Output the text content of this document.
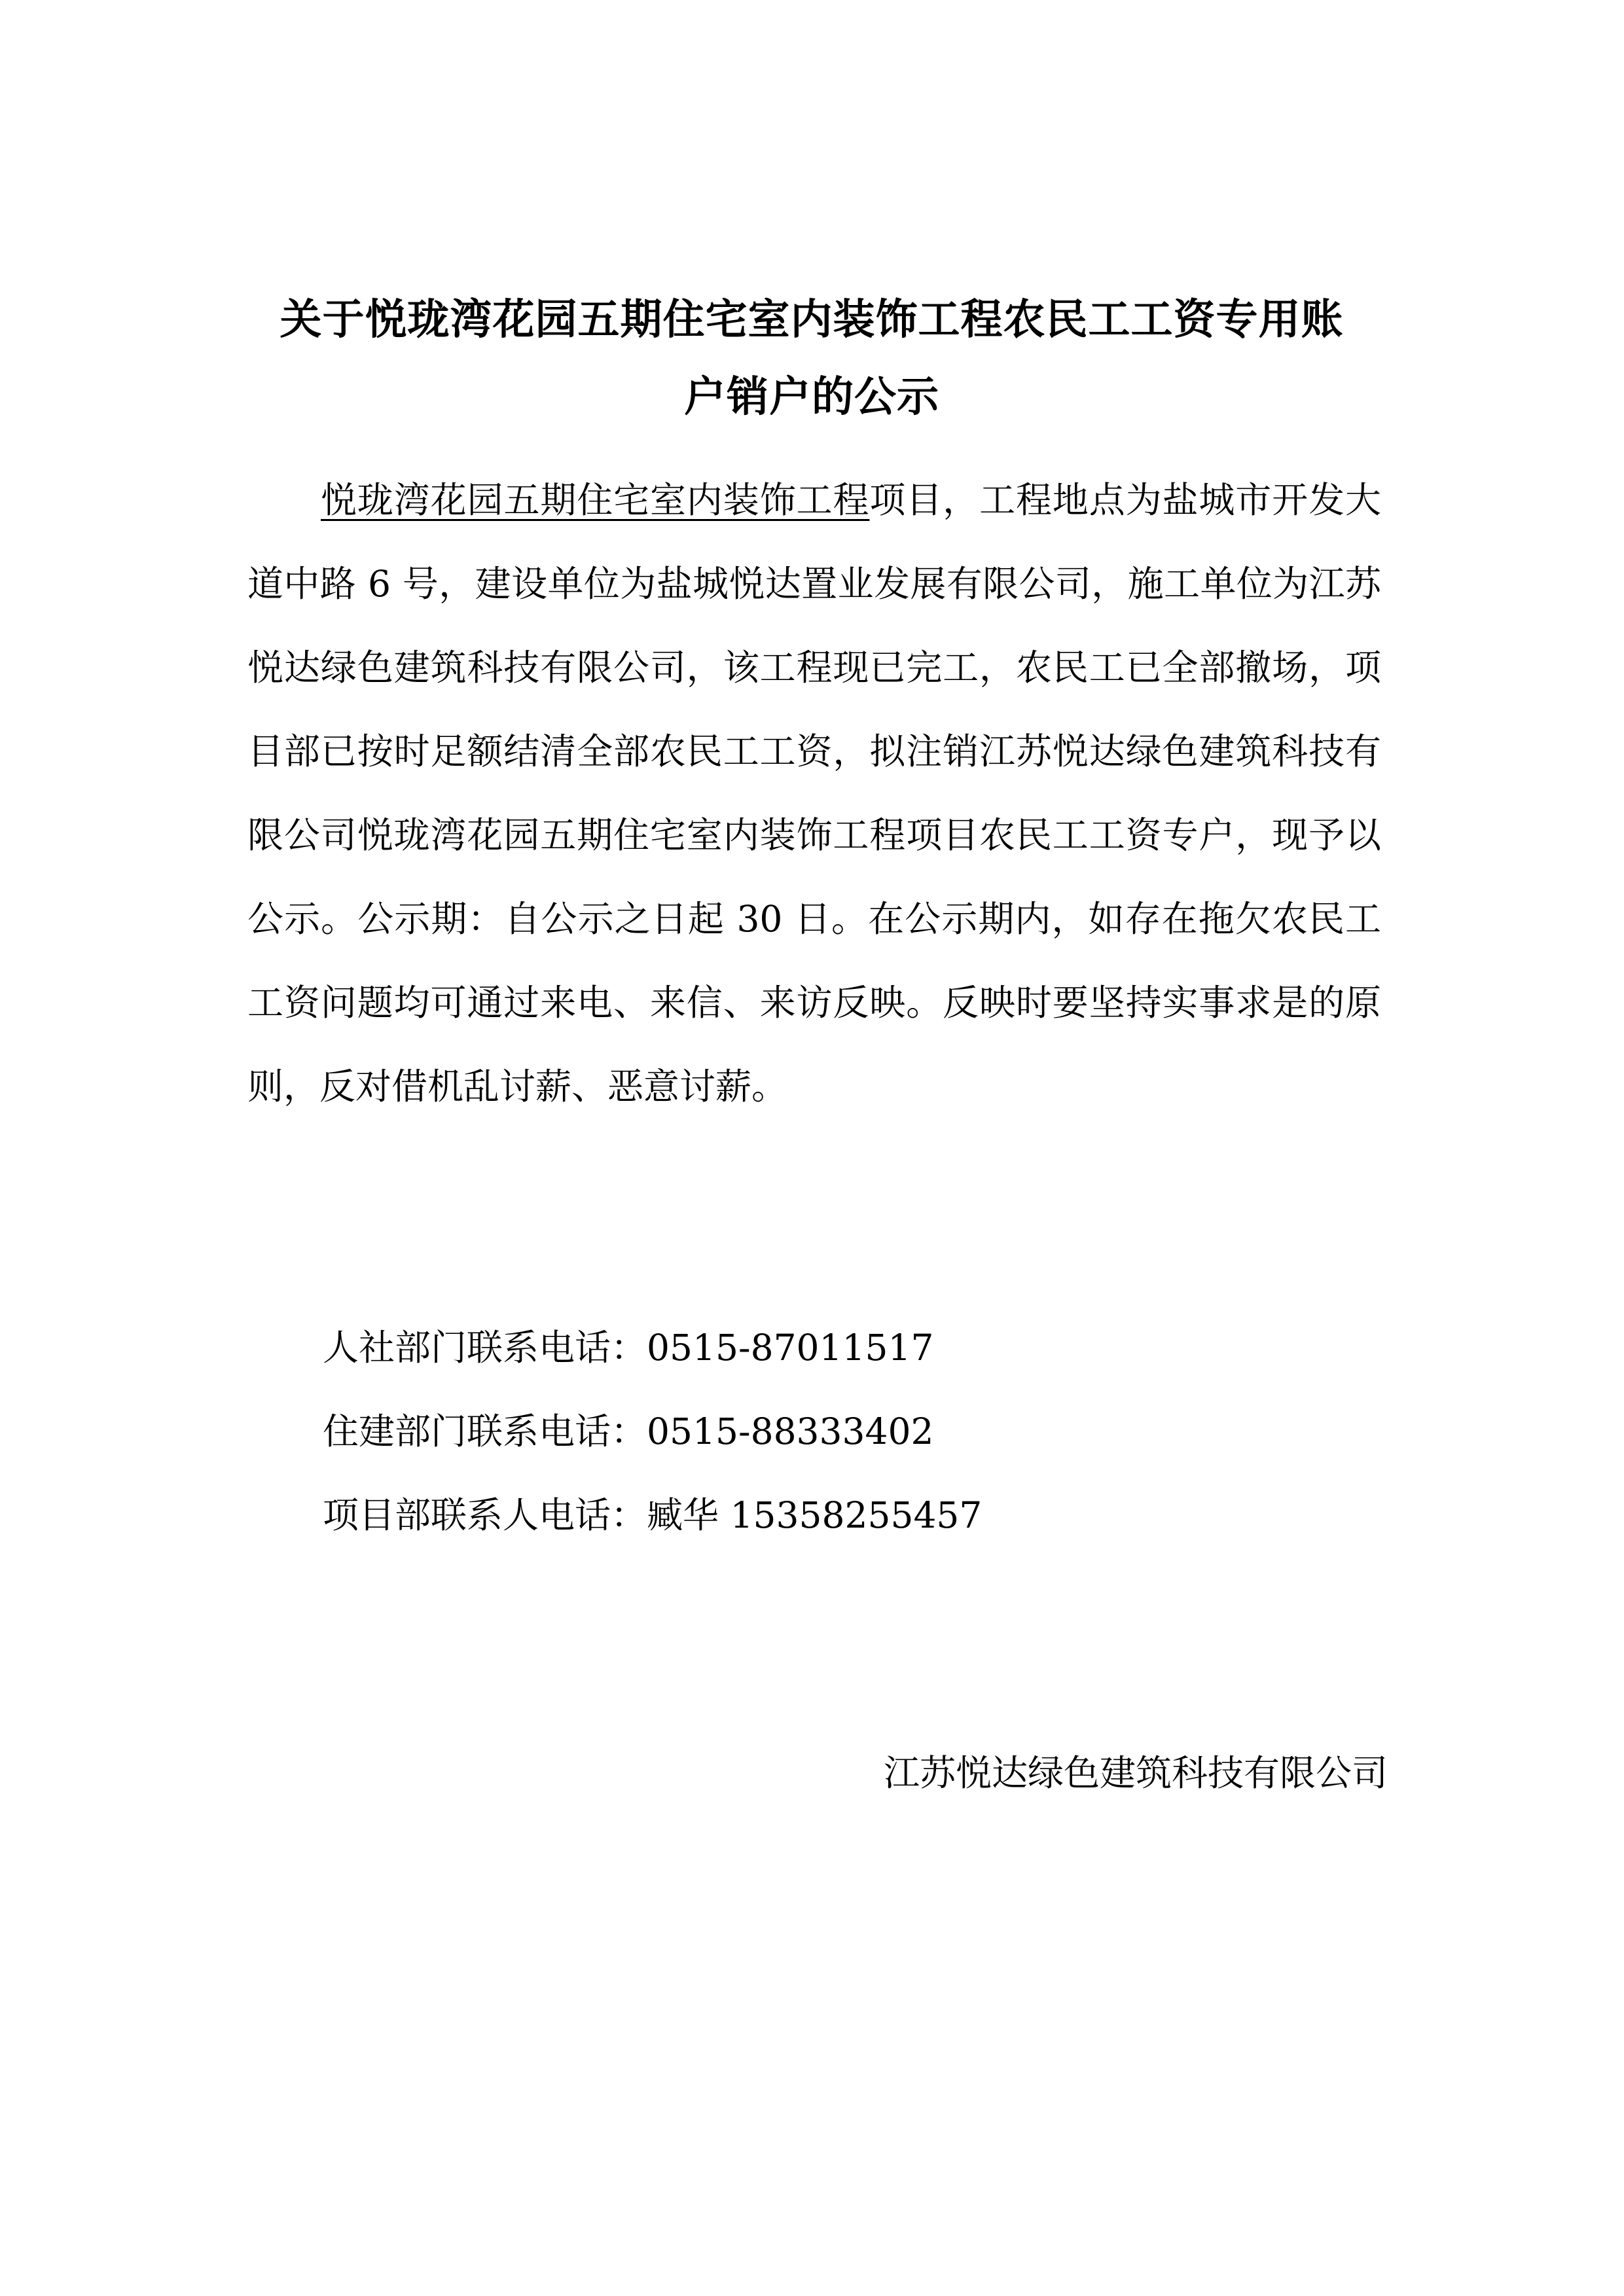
关于悦珑湾花园五期住宅室内装饰工程农民工工资专用账
户销户的公示

悦珑湾花园五期住宅室内装饰工程项目，工程地点为盐城市开发大道中路 6 号，建设单位为盐城悦达置业发展有限公司，施工单位为江苏悦达绿色建筑科技有限公司，该工程现已完工，农民工已全部撤场，项目部已按时足额结清全部农民工工资，拟注销江苏悦达绿色建筑科技有限公司悦珑湾花园五期住宅室内装饰工程项目农民工工资专户，现予以公示。公示期：自公示之日起 30 日。在公示期内，如存在拖欠农民工工资问题均可通过来电、来信、来访反映。反映时要坚持实事求是的原则，反对借机乱讨薪、恶意讨薪。

人社部门联系电话：0515-87011517
住建部门联系电话：0515-88333402
项目部联系人电话：臧华 15358255457
江苏悦达绿色建筑科技有限公司
